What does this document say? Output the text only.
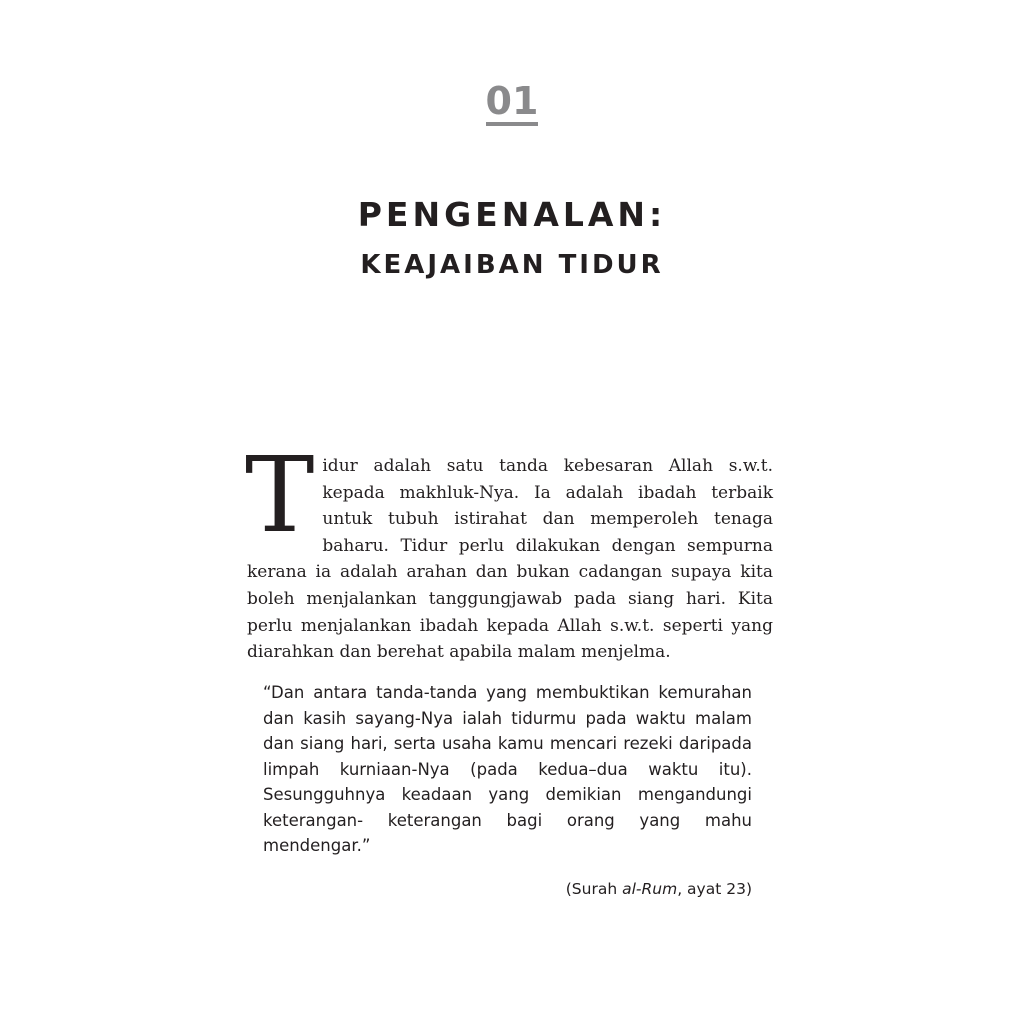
01
PENGENALAN:
KEAJAIBAN TIDUR

Tidur adalah satu tanda kebesaran Allah s.w.t. kepada makhluk-Nya. Ia adalah ibadah terbaik untuk tubuh istirahat dan memperoleh tenaga baharu. Tidur perlu dilakukan dengan sempurna kerana ia adalah arahan dan bukan cadangan supaya kita boleh menjalankan tanggungjawab pada siang hari. Kita perlu menjalankan ibadah kepada Allah s.w.t. seperti yang diarahkan dan berehat apabila malam menjelma.

“Dan antara tanda-tanda yang membuktikan kemurahan dan kasih sayang-Nya ialah tidurmu pada waktu malam dan siang hari, serta usaha kamu mencari rezeki daripada limpah kurniaan-Nya (pada kedua–dua waktu itu). Sesungguhnya keadaan yang demikian mengandungi keterangan- keterangan bagi orang yang mahu mendengar.”

(Surah al-Rum, ayat 23)
